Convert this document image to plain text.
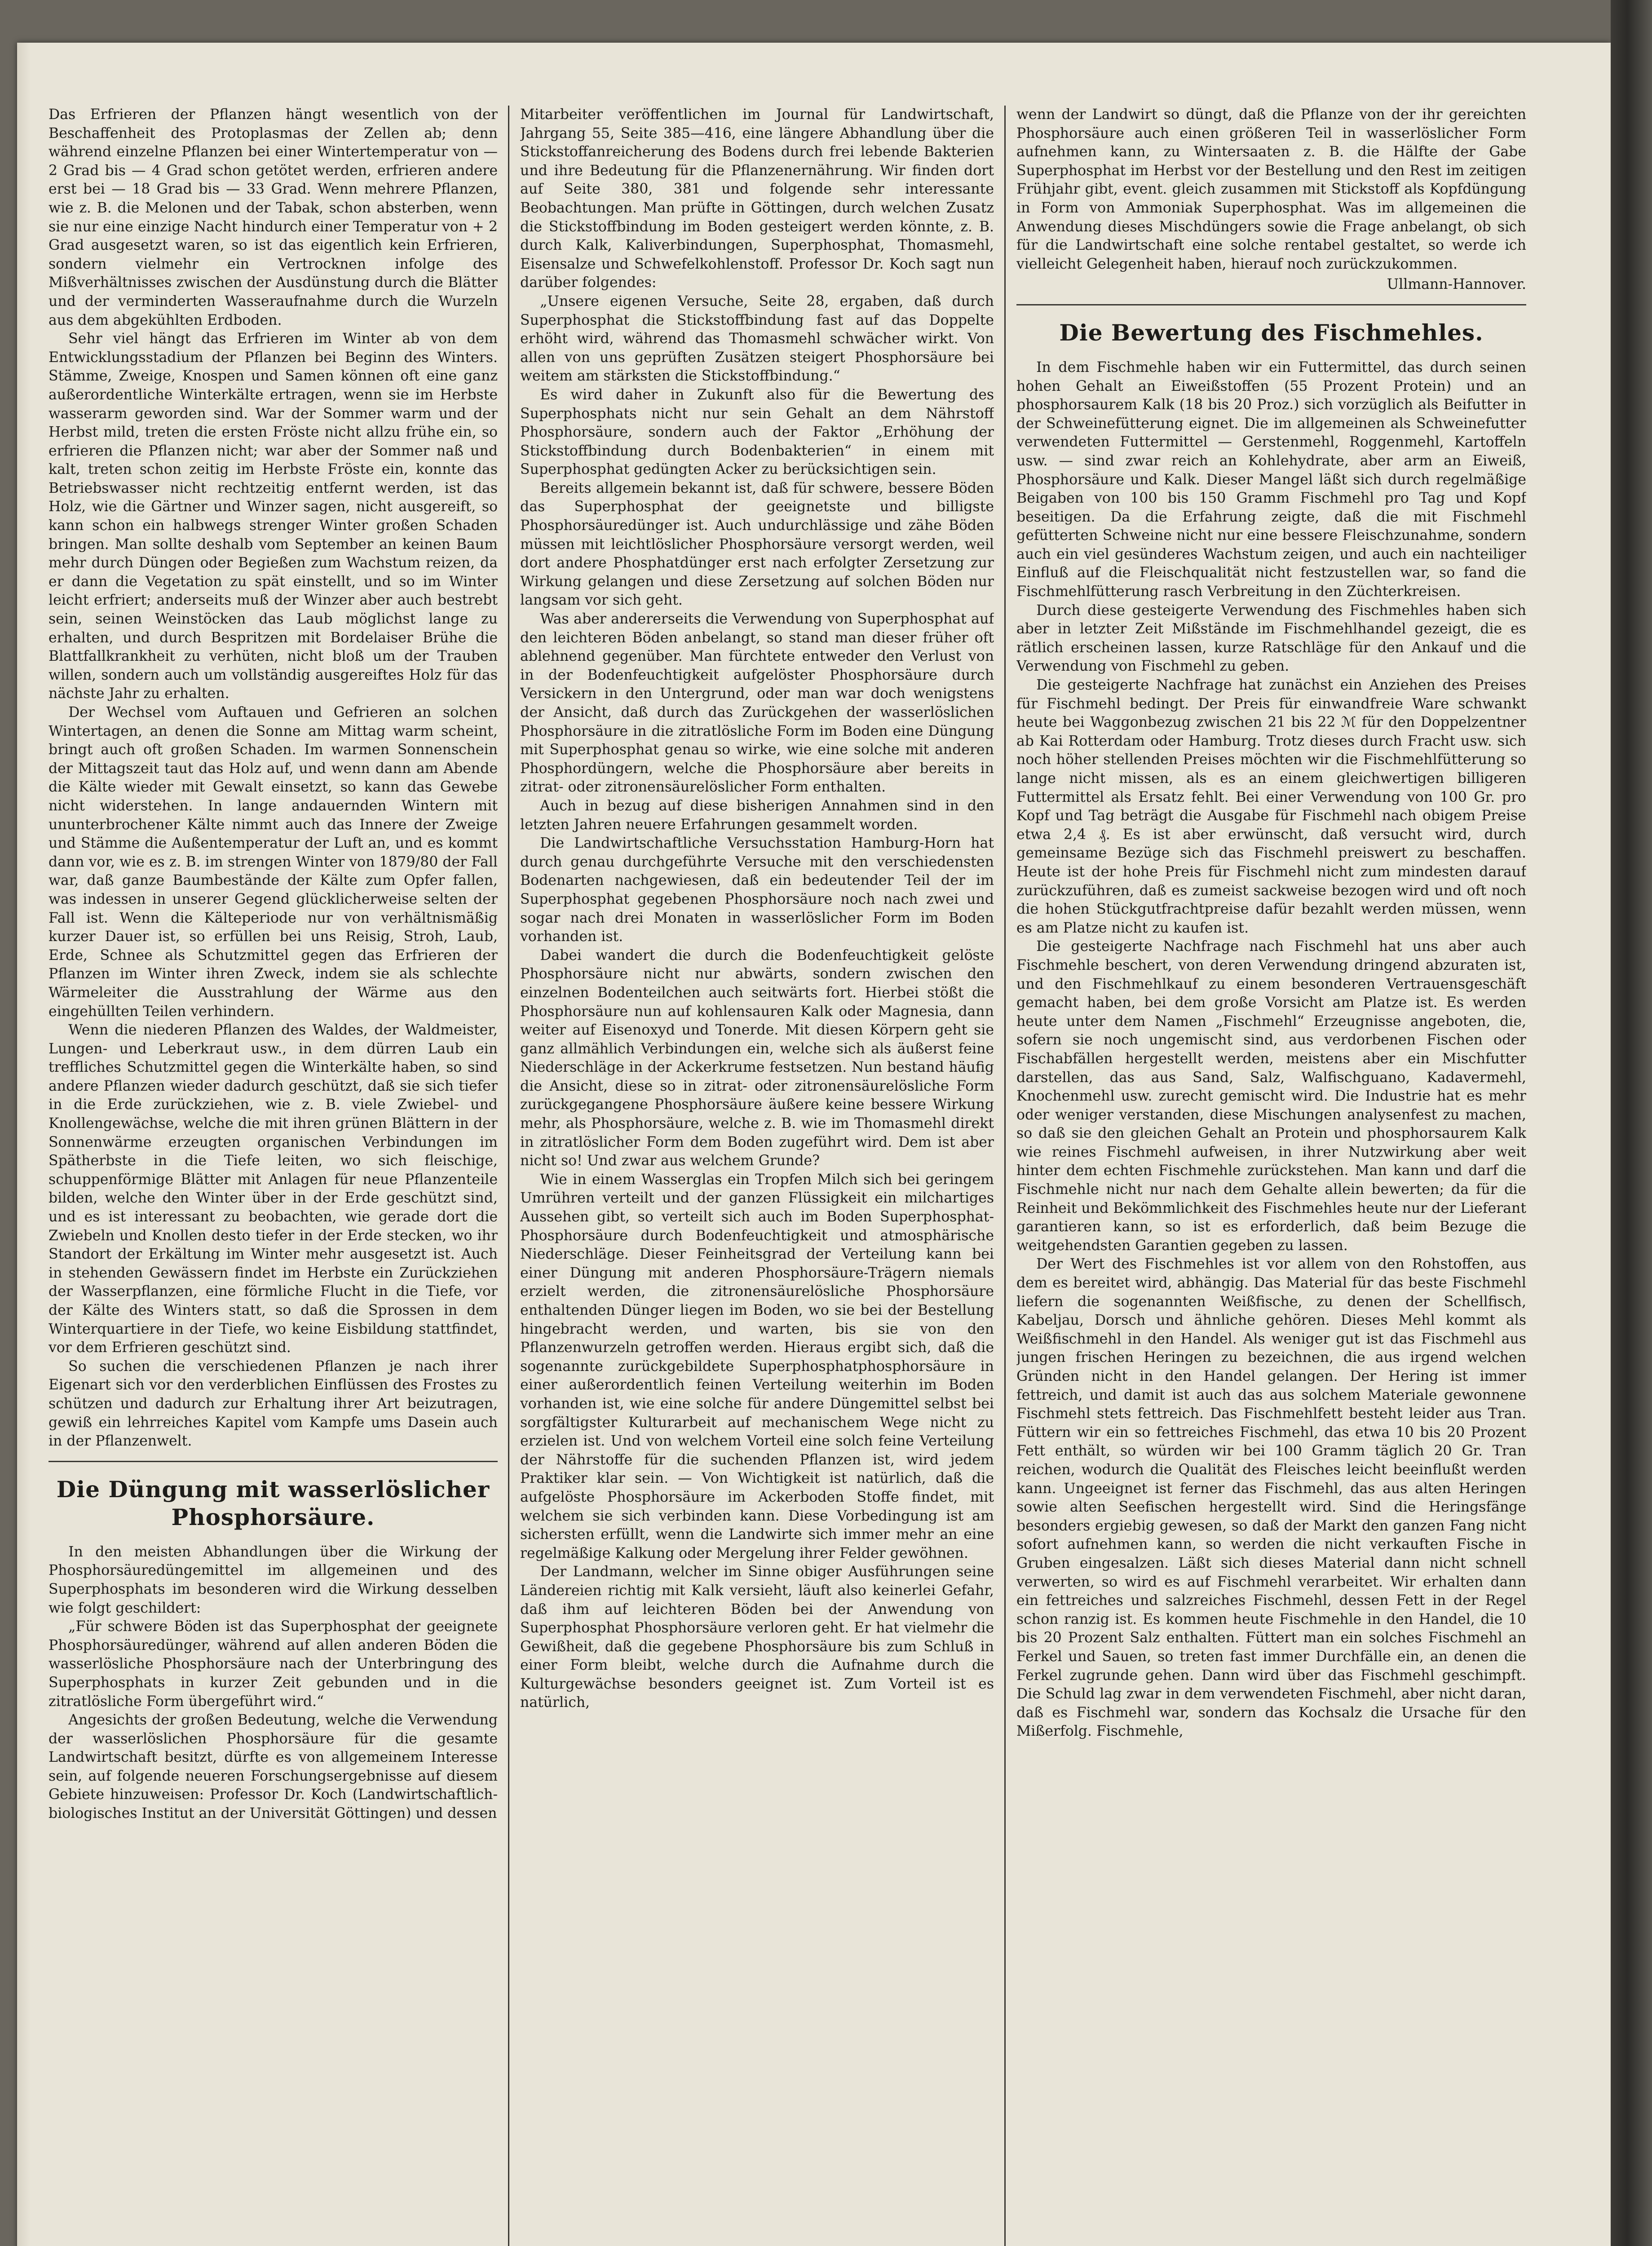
Das Erfrieren der Pflanzen hängt wesentlich von der Beschaffenheit des Protoplasmas der Zellen ab; denn während einzelne Pflanzen bei einer Wintertemperatur von — 2 Grad bis — 4 Grad schon getötet werden, erfrieren andere erst bei — 18 Grad bis — 33 Grad. Wenn mehrere Pflanzen, wie z. B. die Melonen und der Tabak, schon absterben, wenn sie nur eine einzige Nacht hindurch einer Temperatur von + 2 Grad ausgesetzt waren, so ist das eigentlich kein Erfrieren, sondern vielmehr ein Vertrocknen infolge des Mißverhältnisses zwischen der Ausdünstung durch die Blätter und der verminderten Wasseraufnahme durch die Wurzeln aus dem abgekühlten Erdboden.

Sehr viel hängt das Erfrieren im Winter ab von dem Entwicklungsstadium der Pflanzen bei Beginn des Winters. Stämme, Zweige, Knospen und Samen können oft eine ganz außerordentliche Winterkälte ertragen, wenn sie im Herbste wasserarm geworden sind. War der Sommer warm und der Herbst mild, treten die ersten Fröste nicht allzu frühe ein, so erfrieren die Pflanzen nicht; war aber der Sommer naß und kalt, treten schon zeitig im Herbste Fröste ein, konnte das Betriebswasser nicht rechtzeitig entfernt werden, ist das Holz, wie die Gärtner und Winzer sagen, nicht ausgereift, so kann schon ein halbwegs strenger Winter großen Schaden bringen. Man sollte deshalb vom September an keinen Baum mehr durch Düngen oder Begießen zum Wachstum reizen, da er dann die Vegetation zu spät einstellt, und so im Winter leicht erfriert; anderseits muß der Winzer aber auch bestrebt sein, seinen Weinstöcken das Laub möglichst lange zu erhalten, und durch Bespritzen mit Bordelaiser Brühe die Blattfallkrankheit zu verhüten, nicht bloß um der Trauben willen, sondern auch um vollständig ausgereiftes Holz für das nächste Jahr zu erhalten.

Der Wechsel vom Auftauen und Gefrieren an solchen Wintertagen, an denen die Sonne am Mittag warm scheint, bringt auch oft großen Schaden. Im warmen Sonnenschein der Mittagszeit taut das Holz auf, und wenn dann am Abende die Kälte wieder mit Gewalt einsetzt, so kann das Gewebe nicht widerstehen. In lange andauernden Wintern mit ununterbrochener Kälte nimmt auch das Innere der Zweige und Stämme die Außentemperatur der Luft an, und es kommt dann vor, wie es z. B. im strengen Winter von 1879/80 der Fall war, daß ganze Baumbestände der Kälte zum Opfer fallen, was indessen in unserer Gegend glücklicherweise selten der Fall ist. Wenn die Kälteperiode nur von verhältnismäßig kurzer Dauer ist, so erfüllen bei uns Reisig, Stroh, Laub, Erde, Schnee als Schutzmittel gegen das Erfrieren der Pflanzen im Winter ihren Zweck, indem sie als schlechte Wärmeleiter die Ausstrahlung der Wärme aus den eingehüllten Teilen verhindern.

Wenn die niederen Pflanzen des Waldes, der Waldmeister, Lungen- und Leberkraut usw., in dem dürren Laub ein treffliches Schutzmittel gegen die Winterkälte haben, so sind andere Pflanzen wieder dadurch geschützt, daß sie sich tiefer in die Erde zurückziehen, wie z. B. viele Zwiebel- und Knollengewächse, welche die mit ihren grünen Blättern in der Sonnenwärme erzeugten organischen Verbindungen im Spätherbste in die Tiefe leiten, wo sich fleischige, schuppenförmige Blätter mit Anlagen für neue Pflanzenteile bilden, welche den Winter über in der Erde geschützt sind, und es ist interessant zu beobachten, wie gerade dort die Zwiebeln und Knollen desto tiefer in der Erde stecken, wo ihr Standort der Erkältung im Winter mehr ausgesetzt ist. Auch in stehenden Gewässern findet im Herbste ein Zurückziehen der Wasserpflanzen, eine förmliche Flucht in die Tiefe, vor der Kälte des Winters statt, so daß die Sprossen in dem Winterquartiere in der Tiefe, wo keine Eisbildung stattfindet, vor dem Erfrieren geschützt sind.

So suchen die verschiedenen Pflanzen je nach ihrer Eigenart sich vor den verderblichen Einflüssen des Frostes zu schützen und dadurch zur Erhaltung ihrer Art beizutragen, gewiß ein lehrreiches Kapitel vom Kampfe ums Dasein auch in der Pflanzenwelt.

Die Düngung mit wasserlöslicher Phosphorsäure.

In den meisten Abhandlungen über die Wirkung der Phosphorsäuredüngemittel im allgemeinen und des Superphosphats im besonderen wird die Wirkung desselben wie folgt geschildert:

„Für schwere Böden ist das Superphosphat der geeignete Phosphorsäuredünger, während auf allen anderen Böden die wasserlösliche Phosphorsäure nach der Unterbringung des Superphosphats in kurzer Zeit gebunden und in die zitratlösliche Form übergeführt wird.“

Angesichts der großen Bedeutung, welche die Verwendung der wasserlöslichen Phosphorsäure für die gesamte Landwirtschaft besitzt, dürfte es von allgemeinem Interesse sein, auf folgende neueren Forschungsergebnisse auf diesem Gebiete hinzuweisen: Professor Dr. Koch (Landwirtschaftlich-biologisches Institut an der Universität Göttingen) und dessen

Mitarbeiter veröffentlichen im Journal für Landwirtschaft, Jahrgang 55, Seite 385—416, eine längere Abhandlung über die Stickstoffanreicherung des Bodens durch frei lebende Bakterien und ihre Bedeutung für die Pflanzenernährung. Wir finden dort auf Seite 380, 381 und folgende sehr interessante Beobachtungen. Man prüfte in Göttingen, durch welchen Zusatz die Stickstoffbindung im Boden gesteigert werden könnte, z. B. durch Kalk, Kaliverbindungen, Superphosphat, Thomasmehl, Eisensalze und Schwefelkohlenstoff. Professor Dr. Koch sagt nun darüber folgendes:

„Unsere eigenen Versuche, Seite 28, ergaben, daß durch Superphosphat die Stickstoffbindung fast auf das Doppelte erhöht wird, während das Thomasmehl schwächer wirkt. Von allen von uns geprüften Zusätzen steigert Phosphorsäure bei weitem am stärksten die Stickstoffbindung.“

Es wird daher in Zukunft also für die Bewertung des Superphosphats nicht nur sein Gehalt an dem Nährstoff Phosphorsäure, sondern auch der Faktor „Erhöhung der Stickstoffbindung durch Bodenbakterien“ in einem mit Superphosphat gedüngten Acker zu berücksichtigen sein.

Bereits allgemein bekannt ist, daß für schwere, bessere Böden das Superphosphat der geeignetste und billigste Phosphorsäuredünger ist. Auch undurchlässige und zähe Böden müssen mit leichtlöslicher Phosphorsäure versorgt werden, weil dort andere Phosphatdünger erst nach erfolgter Zersetzung zur Wirkung gelangen und diese Zersetzung auf solchen Böden nur langsam vor sich geht.

Was aber andererseits die Verwendung von Superphosphat auf den leichteren Böden anbelangt, so stand man dieser früher oft ablehnend gegenüber. Man fürchtete entweder den Verlust von in der Bodenfeuchtigkeit aufgelöster Phosphorsäure durch Versickern in den Untergrund, oder man war doch wenigstens der Ansicht, daß durch das Zurückgehen der wasserlöslichen Phosphorsäure in die zitratlösliche Form im Boden eine Düngung mit Superphosphat genau so wirke, wie eine solche mit anderen Phosphordüngern, welche die Phosphorsäure aber bereits in zitrat- oder zitronensäurelöslicher Form enthalten.

Auch in bezug auf diese bisherigen Annahmen sind in den letzten Jahren neuere Erfahrungen gesammelt worden.

Die Landwirtschaftliche Versuchsstation Hamburg-Horn hat durch genau durchgeführte Versuche mit den verschiedensten Bodenarten nachgewiesen, daß ein bedeutender Teil der im Superphosphat gegebenen Phosphorsäure noch nach zwei und sogar nach drei Monaten in wasserlöslicher Form im Boden vorhanden ist.

Dabei wandert die durch die Bodenfeuchtigkeit gelöste Phosphorsäure nicht nur abwärts, sondern zwischen den einzelnen Bodenteilchen auch seitwärts fort. Hierbei stößt die Phosphorsäure nun auf kohlensauren Kalk oder Magnesia, dann weiter auf Eisenoxyd und Tonerde. Mit diesen Körpern geht sie ganz allmählich Verbindungen ein, welche sich als äußerst feine Niederschläge in der Ackerkrume festsetzen. Nun bestand häufig die Ansicht, diese so in zitrat- oder zitronensäurelösliche Form zurückgegangene Phosphorsäure äußere keine bessere Wirkung mehr, als Phosphorsäure, welche z. B. wie im Thomasmehl direkt in zitratlöslicher Form dem Boden zugeführt wird. Dem ist aber nicht so! Und zwar aus welchem Grunde?

Wie in einem Wasserglas ein Tropfen Milch sich bei geringem Umrühren verteilt und der ganzen Flüssigkeit ein milchartiges Aussehen gibt, so verteilt sich auch im Boden Superphosphat-Phosphorsäure durch Bodenfeuchtigkeit und atmosphärische Niederschläge. Dieser Feinheitsgrad der Verteilung kann bei einer Düngung mit anderen Phosphorsäure-Trägern niemals erzielt werden, die zitronensäurelösliche Phosphorsäure enthaltenden Dünger liegen im Boden, wo sie bei der Bestellung hingebracht werden, und warten, bis sie von den Pflanzenwurzeln getroffen werden. Hieraus ergibt sich, daß die sogenannte zurückgebildete Superphosphatphosphorsäure in einer außerordentlich feinen Verteilung weiterhin im Boden vorhanden ist, wie eine solche für andere Düngemittel selbst bei sorgfältigster Kulturarbeit auf mechanischem Wege nicht zu erzielen ist. Und von welchem Vorteil eine solch feine Verteilung der Nährstoffe für die suchenden Pflanzen ist, wird jedem Praktiker klar sein. — Von Wichtigkeit ist natürlich, daß die aufgelöste Phosphorsäure im Ackerboden Stoffe findet, mit welchem sie sich verbinden kann. Diese Vorbedingung ist am sichersten erfüllt, wenn die Landwirte sich immer mehr an eine regelmäßige Kalkung oder Mergelung ihrer Felder gewöhnen.

Der Landmann, welcher im Sinne obiger Ausführungen seine Ländereien richtig mit Kalk versieht, läuft also keinerlei Gefahr, daß ihm auf leichteren Böden bei der Anwendung von Superphosphat Phosphorsäure verloren geht. Er hat vielmehr die Gewißheit, daß die gegebene Phosphorsäure bis zum Schluß in einer Form bleibt, welche durch die Aufnahme durch die Kulturgewächse besonders geeignet ist. Zum Vorteil ist es natürlich,

wenn der Landwirt so düngt, daß die Pflanze von der ihr gereichten Phosphorsäure auch einen größeren Teil in wasserlöslicher Form aufnehmen kann, zu Wintersaaten z. B. die Hälfte der Gabe Superphosphat im Herbst vor der Bestellung und den Rest im zeitigen Frühjahr gibt, event. gleich zusammen mit Stickstoff als Kopfdüngung in Form von Ammoniak Superphosphat. Was im allgemeinen die Anwendung dieses Mischdüngers sowie die Frage anbelangt, ob sich für die Landwirtschaft eine solche rentabel gestaltet, so werde ich vielleicht Gelegenheit haben, hierauf noch zurückzukommen.

Ullmann-Hannover.
Die Bewertung des Fischmehles.

In dem Fischmehle haben wir ein Futtermittel, das durch seinen hohen Gehalt an Eiweißstoffen (55 Prozent Protein) und an phosphorsaurem Kalk (18 bis 20 Proz.) sich vorzüglich als Beifutter in der Schweinefütterung eignet. Die im allgemeinen als Schweinefutter verwendeten Futtermittel — Gerstenmehl, Roggenmehl, Kartoffeln usw. — sind zwar reich an Kohlehydrate, aber arm an Eiweiß, Phosphorsäure und Kalk. Dieser Mangel läßt sich durch regelmäßige Beigaben von 100 bis 150 Gramm Fischmehl pro Tag und Kopf beseitigen. Da die Erfahrung zeigte, daß die mit Fischmehl gefütterten Schweine nicht nur eine bessere Fleischzunahme, sondern auch ein viel gesünderes Wachstum zeigen, und auch ein nachteiliger Einfluß auf die Fleischqualität nicht festzustellen war, so fand die Fischmehlfütterung rasch Verbreitung in den Züchterkreisen.

Durch diese gesteigerte Verwendung des Fischmehles haben sich aber in letzter Zeit Mißstände im Fischmehlhandel gezeigt, die es rätlich erscheinen lassen, kurze Ratschläge für den Ankauf und die Verwendung von Fischmehl zu geben.

Die gesteigerte Nachfrage hat zunächst ein Anziehen des Preises für Fischmehl bedingt. Der Preis für einwandfreie Ware schwankt heute bei Waggonbezug zwischen 21 bis 22 ℳ für den Doppelzentner ab Kai Rotterdam oder Hamburg. Trotz dieses durch Fracht usw. sich noch höher stellenden Preises möchten wir die Fischmehlfütterung so lange nicht missen, als es an einem gleichwertigen billigeren Futtermittel als Ersatz fehlt. Bei einer Verwendung von 100 Gr. pro Kopf und Tag beträgt die Ausgabe für Fischmehl nach obigem Preise etwa 2,4 ₰. Es ist aber erwünscht, daß versucht wird, durch gemeinsame Bezüge sich das Fischmehl preiswert zu beschaffen. Heute ist der hohe Preis für Fischmehl nicht zum mindesten darauf zurückzuführen, daß es zumeist sackweise bezogen wird und oft noch die hohen Stückgutfrachtpreise dafür bezahlt werden müssen, wenn es am Platze nicht zu kaufen ist.

Die gesteigerte Nachfrage nach Fischmehl hat uns aber auch Fischmehle beschert, von deren Verwendung dringend abzuraten ist, und den Fischmehlkauf zu einem besonderen Vertrauensgeschäft gemacht haben, bei dem große Vorsicht am Platze ist. Es werden heute unter dem Namen „Fischmehl“ Erzeugnisse angeboten, die, sofern sie noch ungemischt sind, aus verdorbenen Fischen oder Fischabfällen hergestellt werden, meistens aber ein Mischfutter darstellen, das aus Sand, Salz, Walfischguano, Kadavermehl, Knochenmehl usw. zurecht gemischt wird. Die Industrie hat es mehr oder weniger verstanden, diese Mischungen analysenfest zu machen, so daß sie den gleichen Gehalt an Protein und phosphorsaurem Kalk wie reines Fischmehl aufweisen, in ihrer Nutzwirkung aber weit hinter dem echten Fischmehle zurückstehen. Man kann und darf die Fischmehle nicht nur nach dem Gehalte allein bewerten; da für die Reinheit und Bekömmlichkeit des Fischmehles heute nur der Lieferant garantieren kann, so ist es erforderlich, daß beim Bezuge die weitgehendsten Garantien gegeben zu lassen.

Der Wert des Fischmehles ist vor allem von den Rohstoffen, aus dem es bereitet wird, abhängig. Das Material für das beste Fischmehl liefern die sogenannten Weißfische, zu denen der Schellfisch, Kabeljau, Dorsch und ähnliche gehören. Dieses Mehl kommt als Weißfischmehl in den Handel. Als weniger gut ist das Fischmehl aus jungen frischen Heringen zu bezeichnen, die aus irgend welchen Gründen nicht in den Handel gelangen. Der Hering ist immer fettreich, und damit ist auch das aus solchem Materiale gewonnene Fischmehl stets fettreich. Das Fischmehlfett besteht leider aus Tran. Füttern wir ein so fettreiches Fischmehl, das etwa 10 bis 20 Prozent Fett enthält, so würden wir bei 100 Gramm täglich 20 Gr. Tran reichen, wodurch die Qualität des Fleisches leicht beeinflußt werden kann. Ungeeignet ist ferner das Fischmehl, das aus alten Heringen sowie alten Seefischen hergestellt wird. Sind die Heringsfänge besonders ergiebig gewesen, so daß der Markt den ganzen Fang nicht sofort aufnehmen kann, so werden die nicht verkauften Fische in Gruben eingesalzen. Läßt sich dieses Material dann nicht schnell verwerten, so wird es auf Fischmehl verarbeitet. Wir erhalten dann ein fettreiches und salzreiches Fischmehl, dessen Fett in der Regel schon ranzig ist. Es kommen heute Fischmehle in den Handel, die 10 bis 20 Prozent Salz enthalten. Füttert man ein solches Fischmehl an Ferkel und Sauen, so treten fast immer Durchfälle ein, an denen die Ferkel zugrunde gehen. Dann wird über das Fischmehl geschimpft. Die Schuld lag zwar in dem verwendeten Fischmehl, aber nicht daran, daß es Fischmehl war, sondern das Kochsalz die Ursache für den Mißerfolg. Fischmehle,
